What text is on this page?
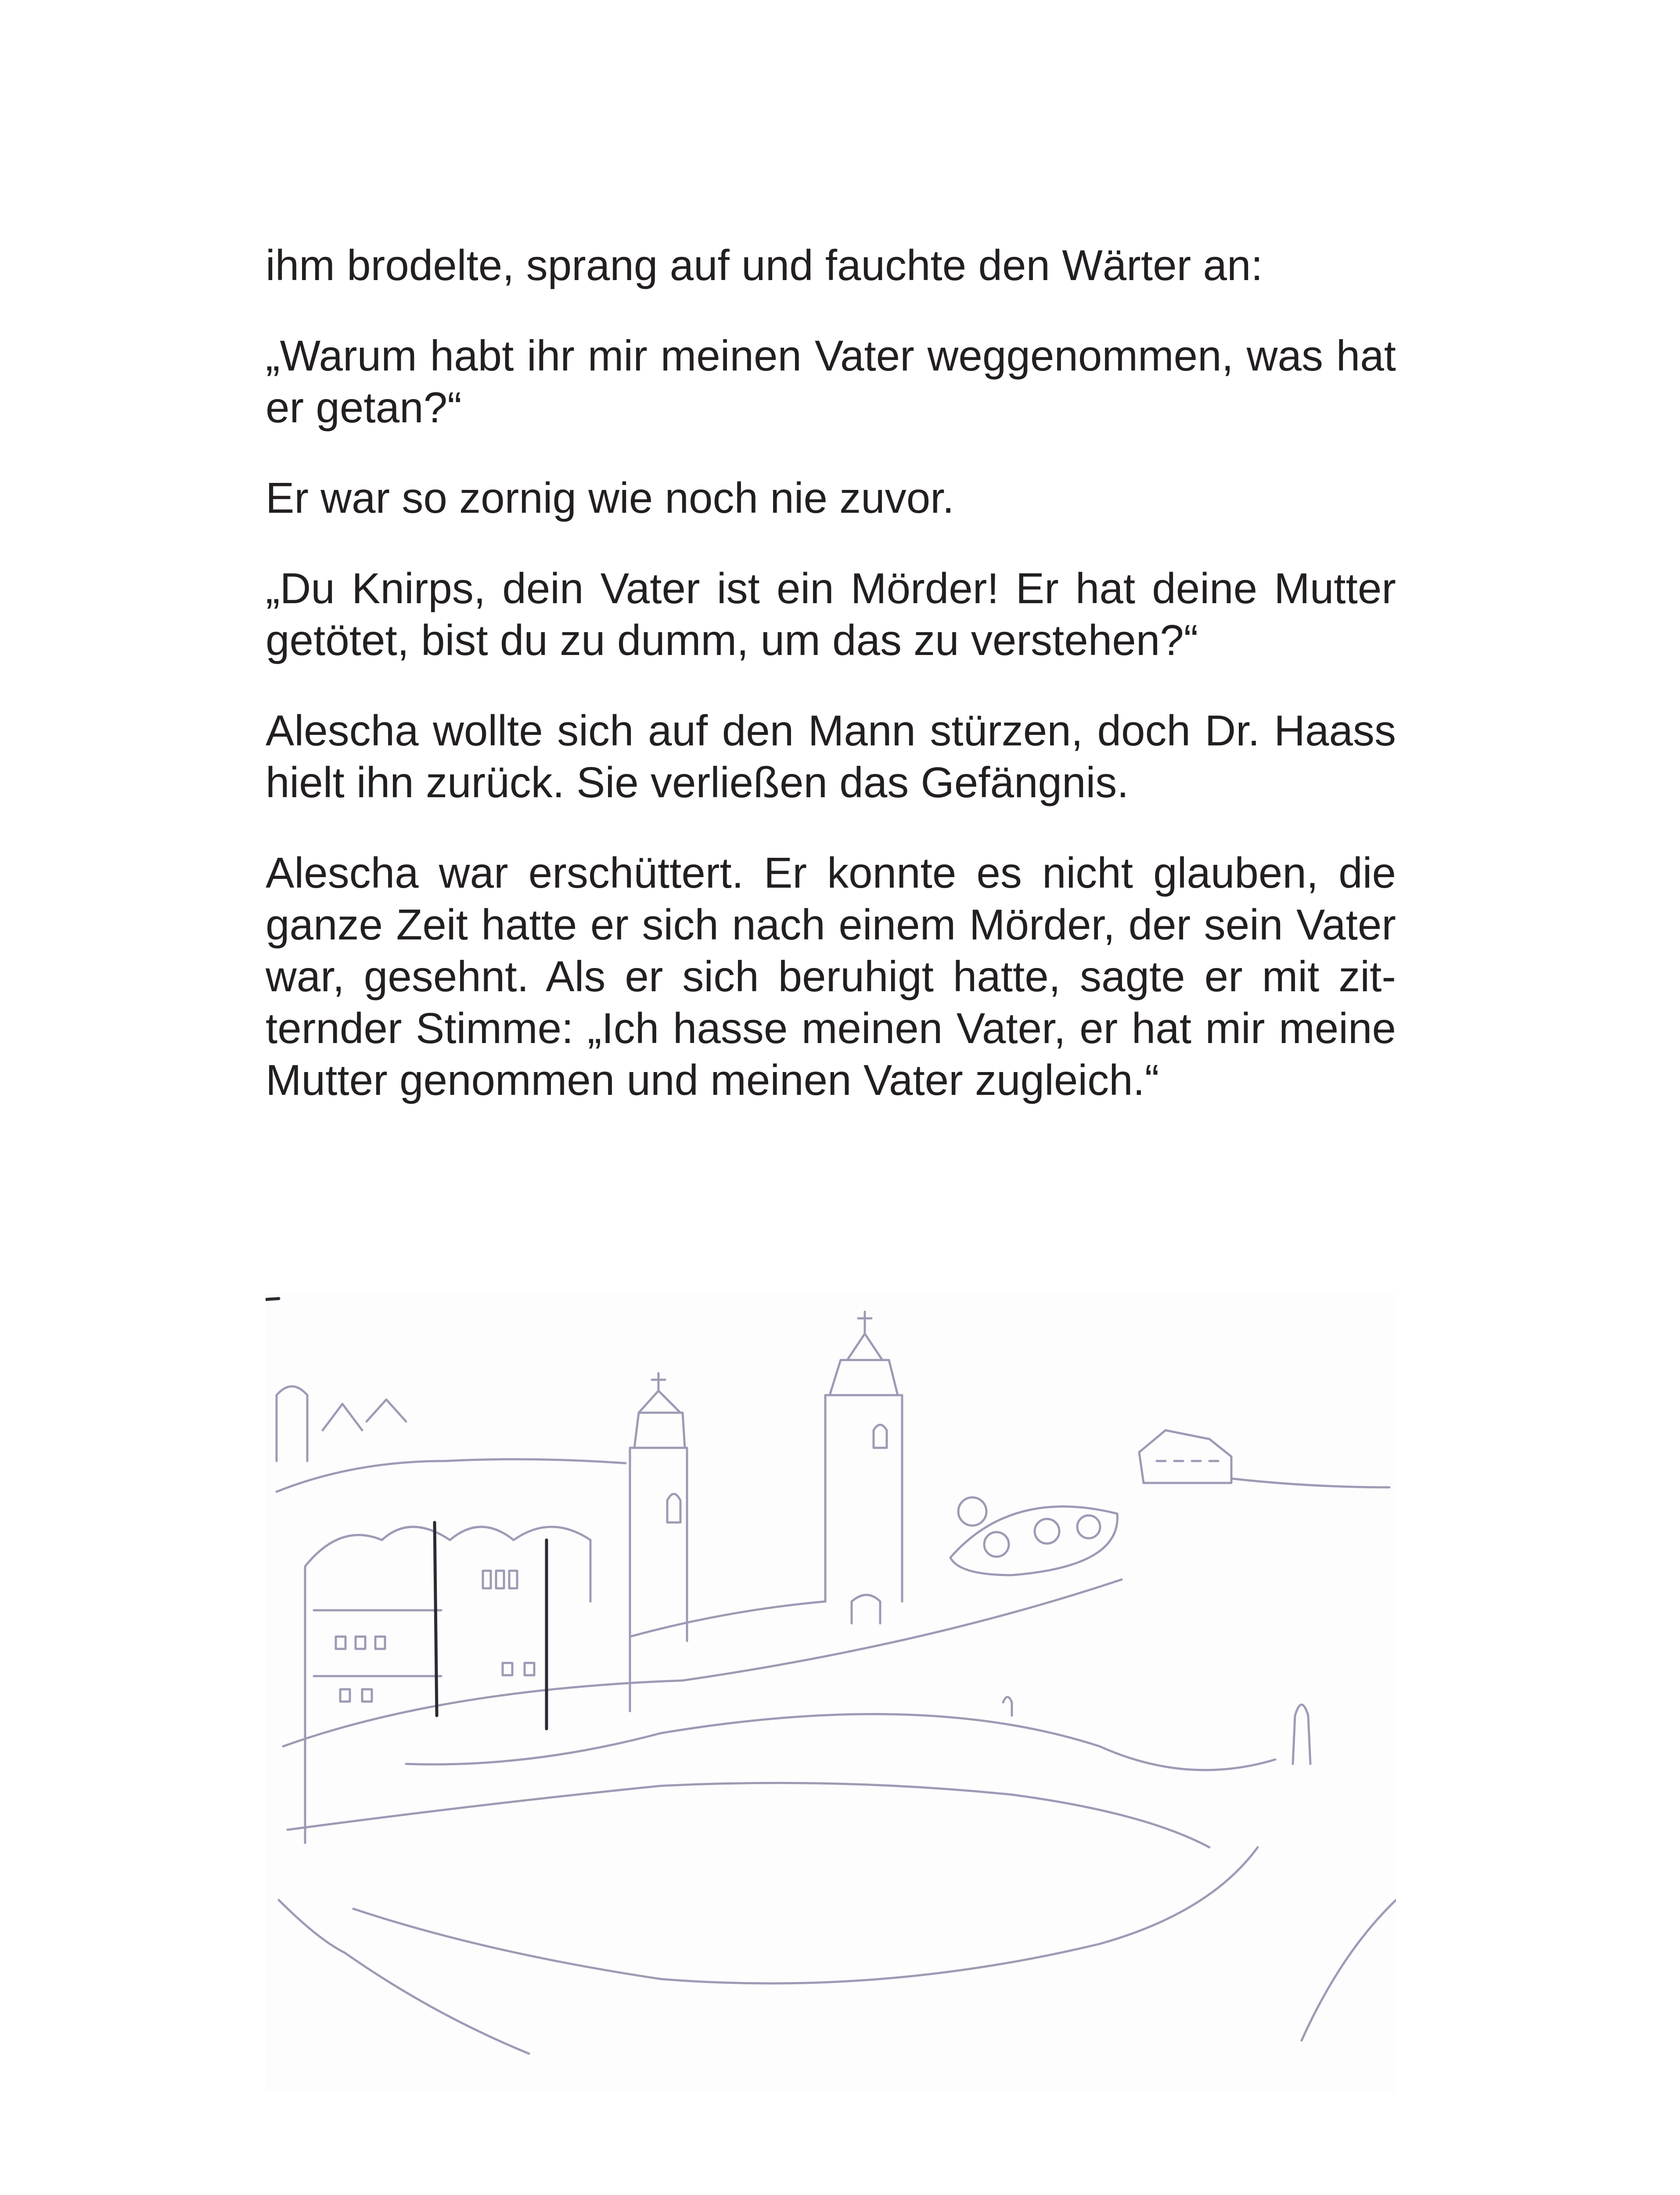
ihm brodelte, sprang auf und fauchte den Wärter an:

„Warum habt ihr mir meinen Vater weggenommen, was hat er getan?“

Er war so zornig wie noch nie zuvor.

„Du Knirps, dein Vater ist ein Mörder! Er hat deine Mutter getötet, bist du zu dumm, um das zu verstehen?“

Alescha wollte sich auf den Mann stürzen, doch Dr. Haass hielt ihn zurück. Sie verließen das Gefängnis.

Alescha war erschüttert. Er konnte es nicht glauben, die ganze Zeit hatte er sich nach einem Mörder, der sein Vater war, gesehnt. Als er sich beruhigt hatte, sagte er mit zitternder Stimme: „Ich hasse meinen Vater, er hat mir meine Mutter genommen und meinen Vater zugleich.“
